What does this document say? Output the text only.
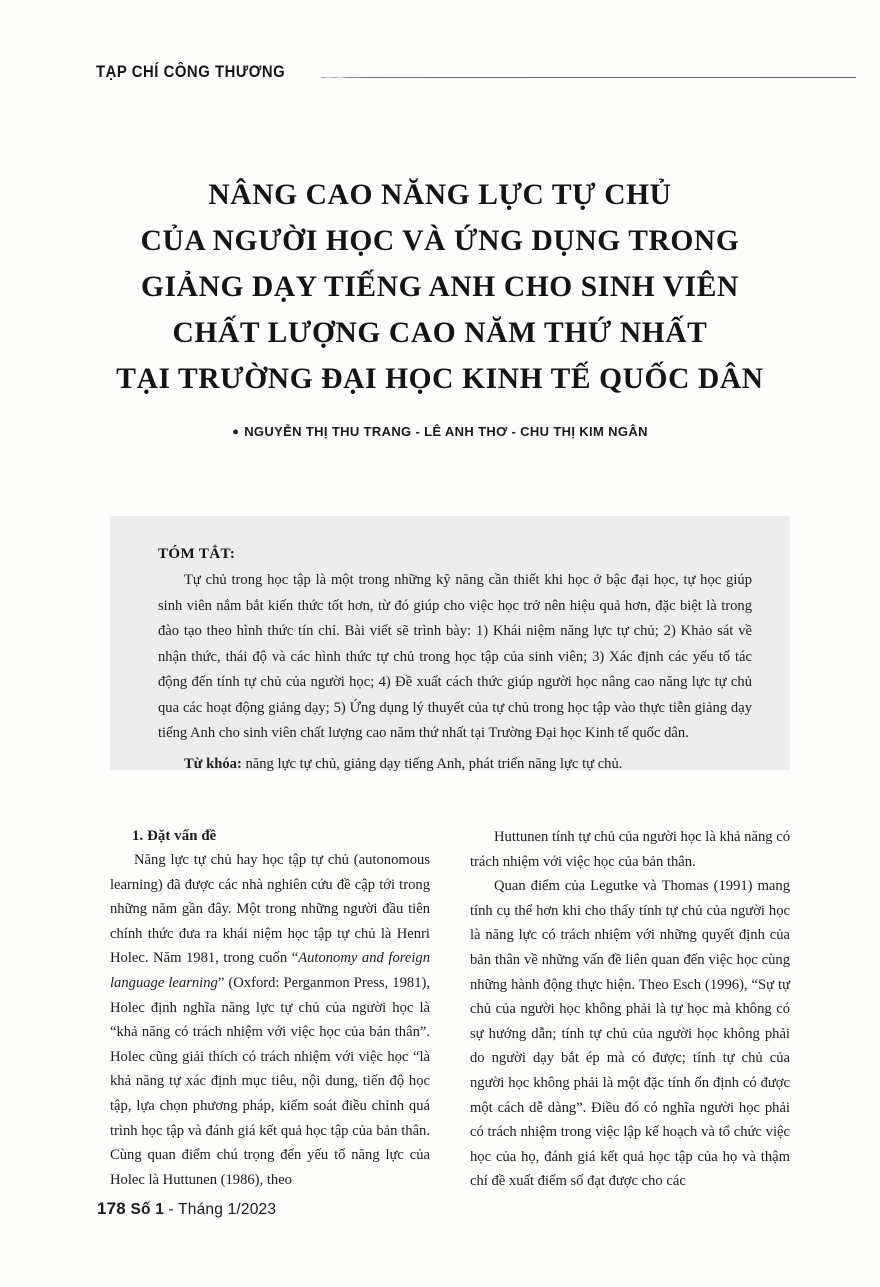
TẠP CHÍ CÔNG THƯƠNG
NÂNG CAO NĂNG LỰC TỰ CHỦ
CỦA NGƯỜI HỌC VÀ ỨNG DỤNG TRONG
GIẢNG DẠY TIẾNG ANH CHO SINH VIÊN
CHẤT LƯỢNG CAO NĂM THỨ NHẤT
TẠI TRƯỜNG ĐẠI HỌC KINH TẾ QUỐC DÂN
● NGUYỄN THỊ THU TRANG - LÊ ANH THƠ - CHU THỊ KIM NGÂN
TÓM TẮT:

Tự chủ trong học tập là một trong những kỹ năng cần thiết khi học ở bậc đại học, tự học giúp sinh viên nắm bắt kiến thức tốt hơn, từ đó giúp cho việc học trở nên hiệu quả hơn, đặc biệt là trong đào tạo theo hình thức tín chỉ. Bài viết sẽ trình bày: 1) Khái niệm năng lực tự chủ; 2) Khảo sát về nhận thức, thái độ và các hình thức tự chủ trong học tập của sinh viên; 3) Xác định các yếu tố tác động đến tính tự chủ của người học; 4) Đề xuất cách thức giúp người học nâng cao năng lực tự chủ qua các hoạt động giảng dạy; 5) Ứng dụng lý thuyết của tự chủ trong học tập vào thực tiễn giảng dạy tiếng Anh cho sinh viên chất lượng cao năm thứ nhất tại Trường Đại học Kinh tế quốc dân.

Từ khóa: năng lực tự chủ, giảng dạy tiếng Anh, phát triển năng lực tự chủ.

1. Đặt vấn đề

Năng lực tự chủ hay học tập tự chủ (autonomous learning) đã được các nhà nghiên cứu đề cập tới trong những năm gần đây. Một trong những người đầu tiên chính thức đưa ra khái niệm học tập tự chủ là Henri Holec. Năm 1981, trong cuốn “Autonomy and foreign language learning” (Oxford: Perganmon Press, 1981), Holec định nghĩa năng lực tự chủ của người học là “khả năng có trách nhiệm với việc học của bản thân”. Holec cũng giải thích có trách nhiệm với việc học “là khả năng tự xác định mục tiêu, nội dung, tiến độ học tập, lựa chọn phương pháp, kiểm soát điều chỉnh quá trình học tập và đánh giá kết quả học tập của bản thân. Cùng quan điểm chú trọng đến yếu tố năng lực của Holec là Huttunen (1986), theo

Huttunen tính tự chủ của người học là khả năng có trách nhiệm với việc học của bản thân.

Quan điểm của Legutke và Thomas (1991) mang tính cụ thể hơn khi cho thấy tính tự chủ của người học là năng lực có trách nhiệm với những quyết định của bản thân về những vấn đề liên quan đến việc học cùng những hành động thực hiện. Theo Esch (1996), “Sự tự chủ của người học không phải là tự học mà không có sự hướng dẫn; tính tự chủ của người học không phải do người dạy bắt ép mà có được; tính tự chủ của người học không phải là một đặc tính ổn định có được một cách dễ dàng”. Điều đó có nghĩa người học phải có trách nhiệm trong việc lập kế hoạch và tổ chức việc học của họ, đánh giá kết quả học tập của họ và thậm chí đề xuất điểm số đạt được cho các

178 Số 1 - Tháng 1/2023
